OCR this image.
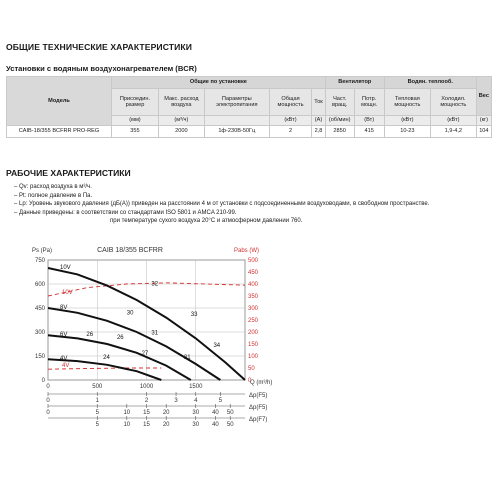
ОБЩИЕ ТЕХНИЧЕСКИЕ ХАРАКТЕРИСТИКИ
Установки с водяным воздухонагревателем (BCR)
Модель	Общие по установке					Вентилятор		Водян. теплооб.		Вес
	Присоедин. размер	Макс. расход воздуха	Параметры электропитания	Общая мощность	Ток	Част. вращ.	Потр. мощн.	Тепловая мощность	Холодил. мощность	
	(мм)	(м³/ч)		(кВт)	(A)	(об/мин)	(Вт)	(кВт)	(кВт)	(кг)
CAIB-18/355 BCFRR PRO-REG	355	2000	1ф-230В-50Гц	2	2,8	2850	415	10-23	1,9-4,2	104
РАБОЧИЕ ХАРАКТЕРИСТИКИ
– Qv: расход воздуха в м³/ч.
– Pt: полное давление в Па.
– Lp: Уровень звукового давления (дБ(A)) приведен на расстоянии 4 м от установки с подсоединенными воздуховодами, в свободном пространстве.
– Данные приведены: в соответствии со стандартами ISO 5801 и AMCA 210-99.
при температуре сухого воздуха 20°C и атмосферном давлении 760.
0	500	1000	1500
0
150
300
450
600
750
0
50
100
150
200
250
300
350
400
450
500
0	1	2	3	4	5
Δp(F5)
0	5	10 15 20	30 40 50
Δp(F5)
5	10 15 20	30 40 50
Δp(F7)
10V
4V
10V
8V
6V
4V
26
30
32
26	31
33
27
34
31
24
CAIB 18/355 BCFRR
Ps (Pa)	Pabs (W)
Q (m³/h)
